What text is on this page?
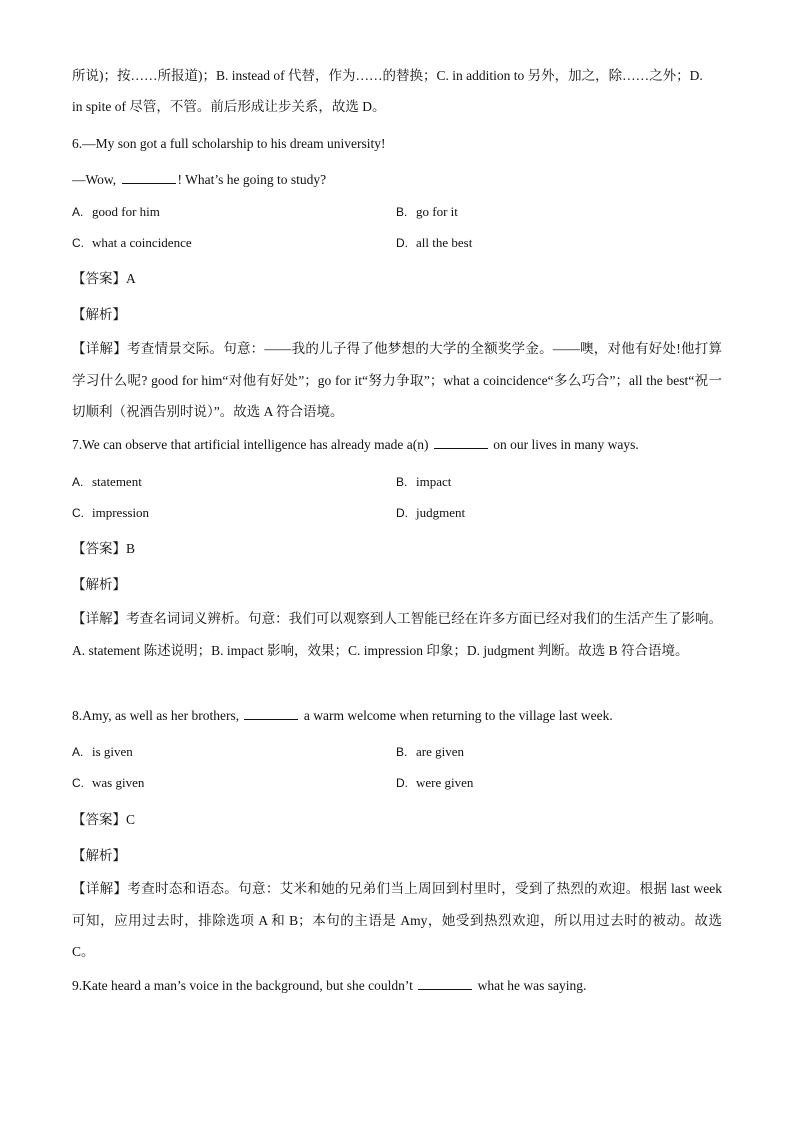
所说)；按……所报道)；B. instead of 代替，作为……的替换；C. in addition to 另外，加之，除……之外；D.
in spite of 尽管，不管。前后形成让步关系，故选 D。
6.—My son got a full scholarship to his dream university!
—Wow,	! What’s he going to study?
A. good for him	B. go for it
C. what a coincidence	D. all the best
【答案】A
【解析】
【详解】考查情景交际。句意：——我的儿子得了他梦想的大学的全额奖学金。——噢，对他有好处!他打算学习什么呢? good for him“对他有好处”；go for it“努力争取”；what a coincidence“多么巧合”；all the best“祝一切顺利（祝酒告别时说）”。故选 A 符合语境。
7.We can observe that artificial intelligence has already made a(n)	on our lives in many ways.
A. statement	B. impact
C. impression	D. judgment
【答案】B
【解析】
【详解】考查名词词义辨析。句意：我们可以观察到人工智能已经在许多方面已经对我们的生活产生了影响。A. statement 陈述说明；B. impact 影响，效果；C. impression 印象；D. judgment 判断。故选 B 符合语境。
8.Amy, as well as her brothers,	a warm welcome when returning to the village last week.
A. is given	B. are given
C. was given	D. were given
【答案】C
【解析】
【详解】考查时态和语态。句意：艾米和她的兄弟们当上周回到村里时，受到了热烈的欢迎。根据 last week 可知，应用过去时，排除选项 A 和 B；本句的主语是 Amy，她受到热烈欢迎，所以用过去时的被动。故选 C。
9.Kate heard a man’s voice in the background, but she couldn’t	what he was saying.
